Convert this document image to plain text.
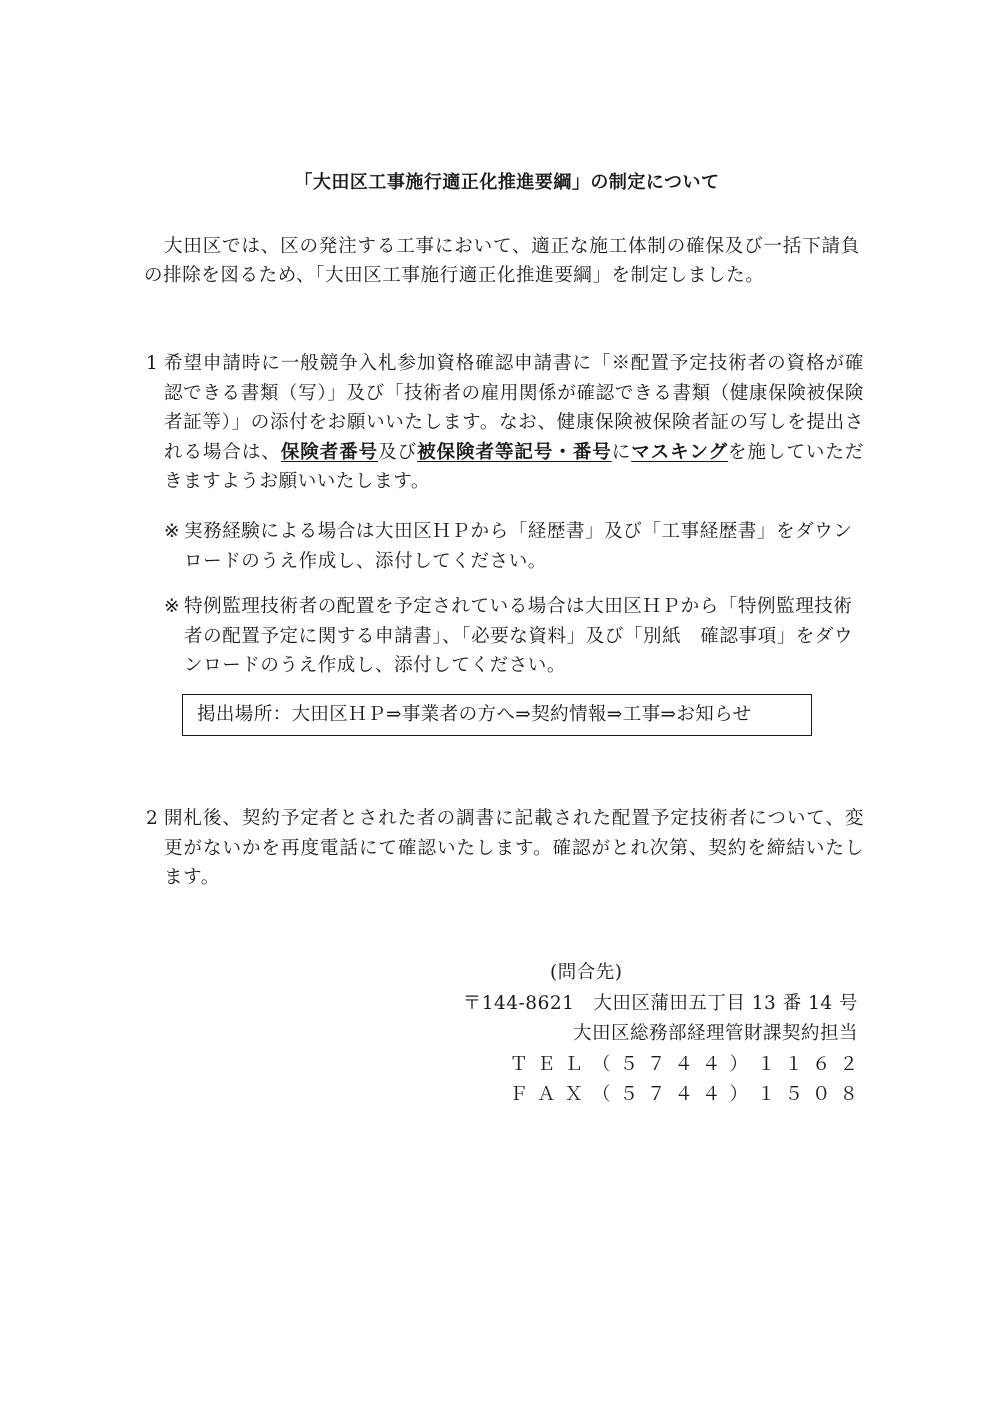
「大田区工事施行適正化推進要綱」の制定について
大田区では、区の発注する工事において、適正な施工体制の確保及び一括下請負の排除を図るため、「大田区工事施行適正化推進要綱」を制定しました。
1 希望申請時に一般競争入札参加資格確認申請書に「※配置予定技術者の資格が確認できる書類（写）」及び「技術者の雇用関係が確認できる書類（健康保険被保険者証等）」の添付をお願いいたします。なお、健康保険被保険者証の写しを提出される場合は、保険者番号及び被保険者等記号・番号にマスキングを施していただきますようお願いいたします。
※ 実務経験による場合は大田区ＨＰから「経歴書」及び「工事経歴書」をダウンロードのうえ作成し、添付してください。
※ 特例監理技術者の配置を予定されている場合は大田区ＨＰから「特例監理技術者の配置予定に関する申請書」、「必要な資料」及び「別紙　確認事項」をダウンロードのうえ作成し、添付してください。
掲出場所：大田区ＨＰ⇒事業者の方へ⇒契約情報⇒工事⇒お知らせ
2 開札後、契約予定者とされた者の調書に記載された配置予定技術者について、変更がないかを再度電話にて確認いたします。確認がとれ次第、契約を締結いたします。
(問合先)
〒144-8621　大田区蒲田五丁目 13 番 14 号
大田区総務部経理管財課契約担当
ＴＥＬ（５７４４）１１６２
ＦＡＸ（５７４４）１５０８
